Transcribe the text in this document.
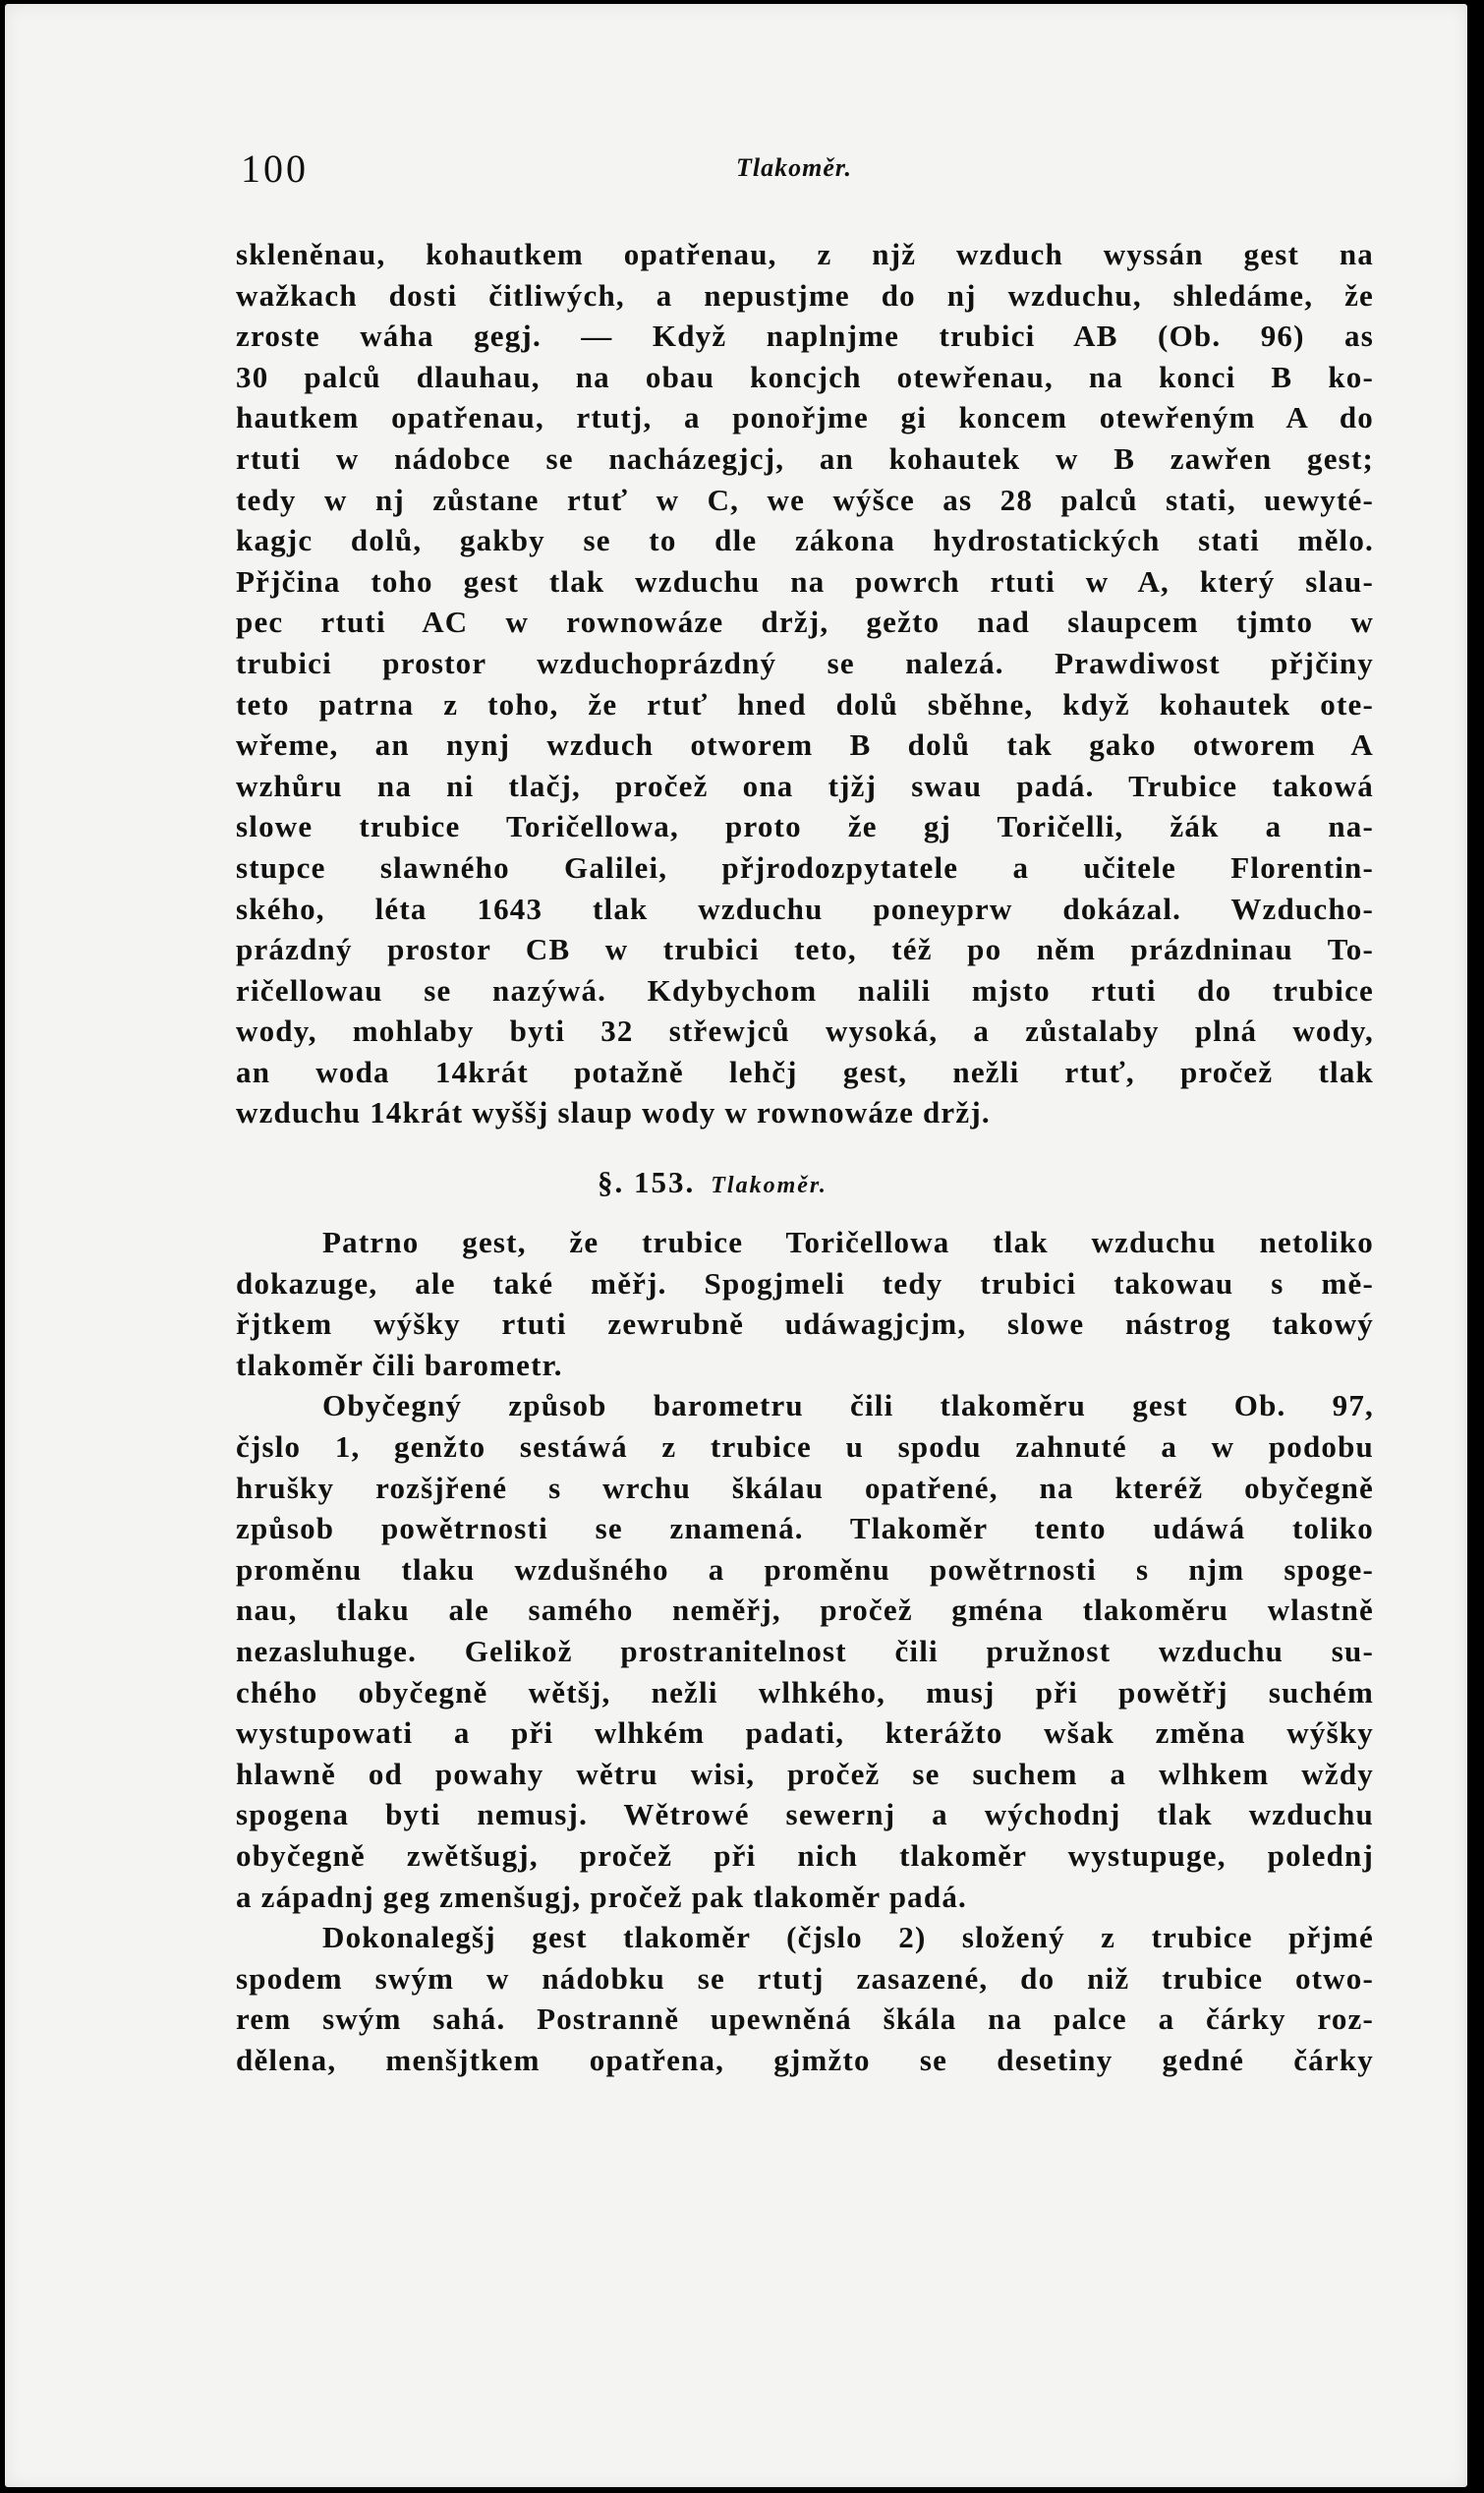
100	Tlakoměr.
skleněnau, kohautkem opatřenau, z njž wzduch wyssán gest na
wažkach dosti čitliwých, a nepustjme do nj wzduchu, shledáme, že
zroste wáha gegj. — Když naplnjme trubici AB (Ob. 96) as
30 palců dlauhau, na obau koncjch otewřenau, na konci B ko-
hautkem opatřenau, rtutj, a ponořjme gi koncem otewřeným A do
rtuti w nádobce se nacházegjcj, an kohautek w B zawřen gest;
tedy w nj zůstane rtuť w C, we wýšce as 28 palců stati, uewyté-
kagjc dolů, gakby se to dle zákona hydrostatických stati mělo.
Přjčina toho gest tlak wzduchu na powrch rtuti w A, který slau-
pec rtuti AC w rownowáze držj, gežto nad slaupcem tjmto w
trubici prostor wzduchoprázdný se nalezá. Prawdiwost přjčiny
teto patrna z toho, že rtuť hned dolů sběhne, když kohautek ote-
wřeme, an nynj wzduch otworem B dolů tak gako otworem A
wzhůru na ni tlačj, pročež ona tjžj swau padá. Trubice takowá
slowe trubice Toričellowa, proto že gj Toričelli, žák a na-
stupce slawného Galilei, přjrodozpytatele a učitele Florentin-
ského, léta 1643 tlak wzduchu poneyprw dokázal. Wzducho-
prázdný prostor CB w trubici teto, též po něm prázdninau To-
ričellowau se nazýwá. Kdybychom nalili mjsto rtuti do trubice
wody, mohlaby byti 32 střewjců wysoká, a zůstalaby plná wody,
an woda 14krát potažně lehčj gest, nežli rtuť, pročež tlak
wzduchu 14krát wyššj slaup wody w rownowáze držj.
§. 153. Tlakoměr.
Patrno gest, že trubice Toričellowa tlak wzduchu netoliko
dokazuge, ale také měřj. Spogjmeli tedy trubici takowau s mě-
řjtkem wýšky rtuti zewrubně udáwagjcjm, slowe nástrog takowý
tlakoměr čili barometr.
Obyčegný způsob barometru čili tlakoměru gest Ob. 97,
čjslo 1, genžto sestáwá z trubice u spodu zahnuté a w podobu
hrušky rozšjřené s wrchu škálau opatřené, na kteréž obyčegně
způsob powětrnosti se znamená. Tlakoměr tento udáwá toliko
proměnu tlaku wzdušného a proměnu powětrnosti s njm spoge-
nau, tlaku ale samého neměřj, pročež gména tlakoměru wlastně
nezasluhuge. Gelikož prostranitelnost čili pružnost wzduchu su-
chého obyčegně wětšj, nežli wlhkého, musj při powětřj suchém
wystupowati a při wlhkém padati, kterážto wšak změna wýšky
hlawně od powahy wětru wisi, pročež se suchem a wlhkem wždy
spogena byti nemusj. Wětrowé sewernj a wýchodnj tlak wzduchu
obyčegně zwětšugj, pročež při nich tlakoměr wystupuge, polednj
a západnj geg zmenšugj, pročež pak tlakoměr padá.
Dokonalegšj gest tlakoměr (čjslo 2) složený z trubice přjmé
spodem swým w nádobku se rtutj zasazené, do niž trubice otwo-
rem swým sahá. Postranně upewněná škála na palce a čárky roz-
dělena, menšjtkem opatřena, gjmžto se desetiny gedné čárky
